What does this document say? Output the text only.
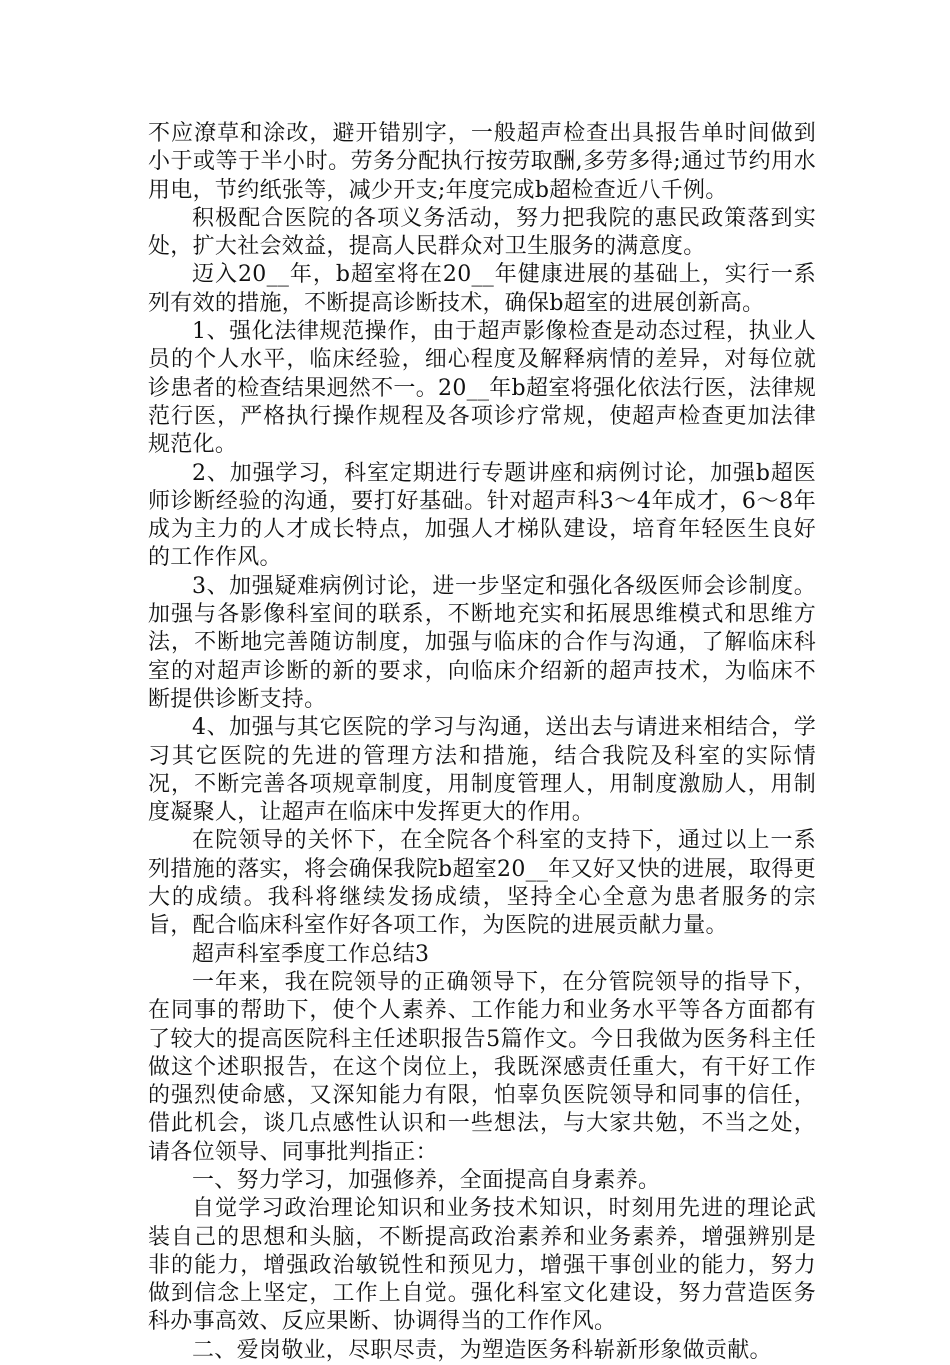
不应潦草和涂改，避开错别字，一般超声检查出具报告单时间做到小于或等于半小时。劳务分配执行按劳取酬,多劳多得;通过节约用水用电，节约纸张等，减少开支;年度完成b超检查近八千例。

积极配合医院的各项义务活动，努力把我院的惠民政策落到实处，扩大社会效益，提高人民群众对卫生服务的满意度。

迈入20__年，b超室将在20__年健康进展的基础上，实行一系列有效的措施，不断提高诊断技术，确保b超室的进展创新高。

1、强化法律规范操作，由于超声影像检查是动态过程，执业人员的个人水平，临床经验，细心程度及解释病情的差异，对每位就诊患者的检查结果迥然不一。20__年b超室将强化依法行医，法律规范行医，严格执行操作规程及各项诊疗常规，使超声检查更加法律规范化。

2、加强学习，科室定期进行专题讲座和病例讨论，加强b超医师诊断经验的沟通，要打好基础。针对超声科3～4年成才，6～8年成为主力的人才成长特点，加强人才梯队建设，培育年轻医生良好的工作作风。

3、加强疑难病例讨论，进一步坚定和强化各级医师会诊制度。加强与各影像科室间的联系，不断地充实和拓展思维模式和思维方法，不断地完善随访制度，加强与临床的合作与沟通，了解临床科室的对超声诊断的新的要求，向临床介绍新的超声技术，为临床不断提供诊断支持。

4、加强与其它医院的学习与沟通，送出去与请进来相结合，学习其它医院的先进的管理方法和措施，结合我院及科室的实际情况，不断完善各项规章制度，用制度管理人，用制度激励人，用制度凝聚人，让超声在临床中发挥更大的作用。

在院领导的关怀下，在全院各个科室的支持下，通过以上一系列措施的落实，将会确保我院b超室20__年又好又快的进展，取得更大的成绩。我科将继续发扬成绩，坚持全心全意为患者服务的宗旨，配合临床科室作好各项工作，为医院的进展贡献力量。

超声科室季度工作总结3

一年来，我在院领导的正确领导下，在分管院领导的指导下，在同事的帮助下，使个人素养、工作能力和业务水平等各方面都有了较大的提高医院科主任述职报告5篇作文。今日我做为医务科主任做这个述职报告，在这个岗位上，我既深感责任重大，有干好工作的强烈使命感，又深知能力有限，怕辜负医院领导和同事的信任，借此机会，谈几点感性认识和一些想法，与大家共勉，不当之处，请各位领导、同事批判指正：

一、努力学习，加强修养，全面提高自身素养。

自觉学习政治理论知识和业务技术知识，时刻用先进的理论武装自己的思想和头脑，不断提高政治素养和业务素养，增强辨别是非的能力，增强政治敏锐性和预见力，增强干事创业的能力，努力做到信念上坚定，工作上自觉。强化科室文化建设，努力营造医务科办事高效、反应果断、协调得当的工作作风。

二、爱岗敬业，尽职尽责，为塑造医务科崭新形象做贡献。
